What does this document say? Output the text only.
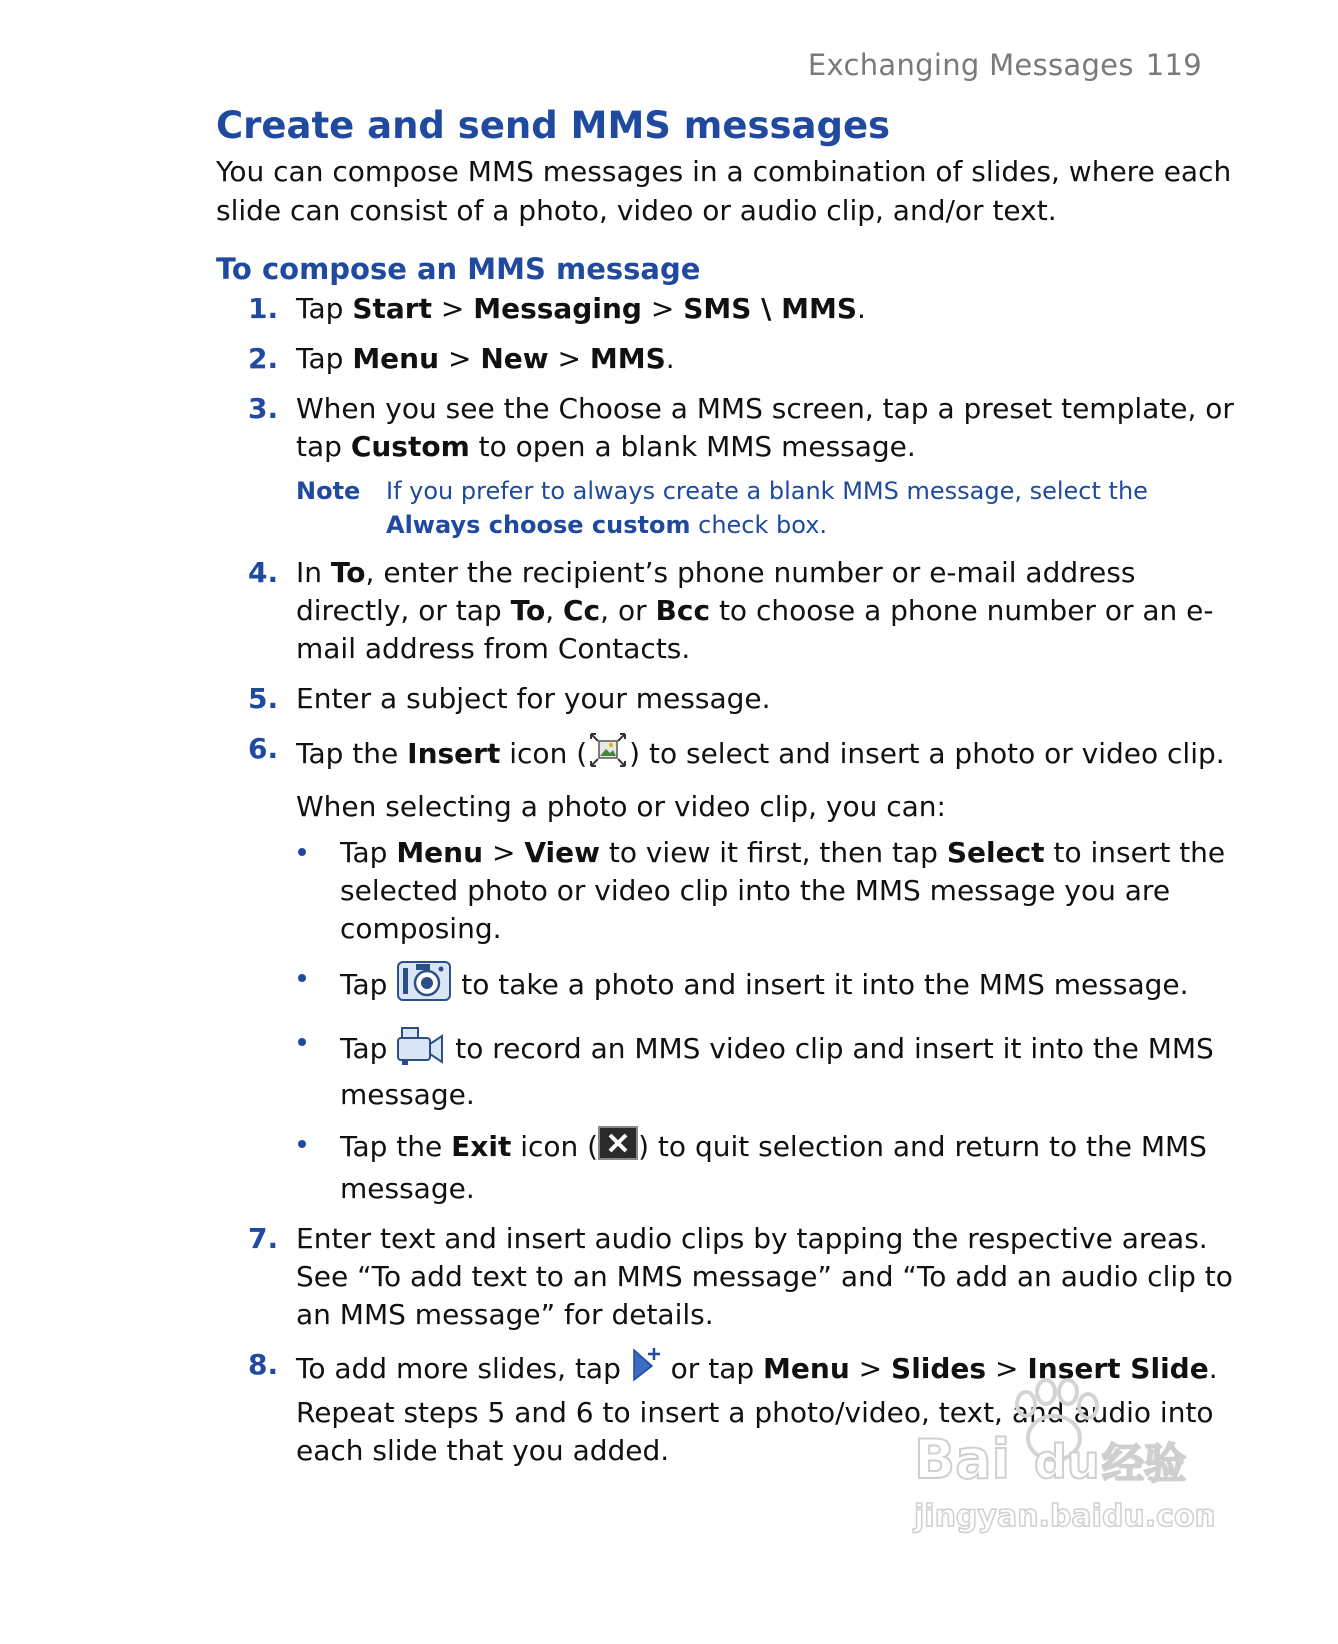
Exchanging Messages 119
Create and send MMS messages

You can compose MMS messages in a combination of slides, where each slide can consist of a photo, video or audio clip, and/or text.

To compose an MMS message
1. Tap Start > Messaging > SMS \ MMS.

2. Tap Menu > New > MMS.

3. When you see the Choose a MMS screen, tap a preset template, or tap Custom to open a blank MMS message.

Note If you prefer to always create a blank MMS message, select the Always choose custom check box.
4. In To, enter the recipient’s phone number or e-mail address directly, or tap To, Cc, or Bcc to choose a phone number or an e-mail address from Contacts.

5. Enter a subject for your message.

6. Tap the Insert icon ( ) to select and insert a photo or video clip.

When selecting a photo or video clip, you can:

Tap Menu > View to view it first, then tap Select to insert the selected photo or video clip into the MMS message you are composing.
Tap  to take a photo and insert it into the MMS message.
Tap  to record an MMS video clip and insert it into the MMS message.
Tap the Exit icon ( ) to quit selection and return to the MMS message.
7. Enter text and insert audio clips by tapping the respective areas. See “To add text to an MMS message” and “To add an audio clip to an MMS message” for details.

8. To add more slides, tap  or tap Menu > Slides > Insert Slide. Repeat steps 5 and 6 to insert a photo/video, text, and audio into each slide that you added.	Bai du 经验
jingyan.baidu.com
